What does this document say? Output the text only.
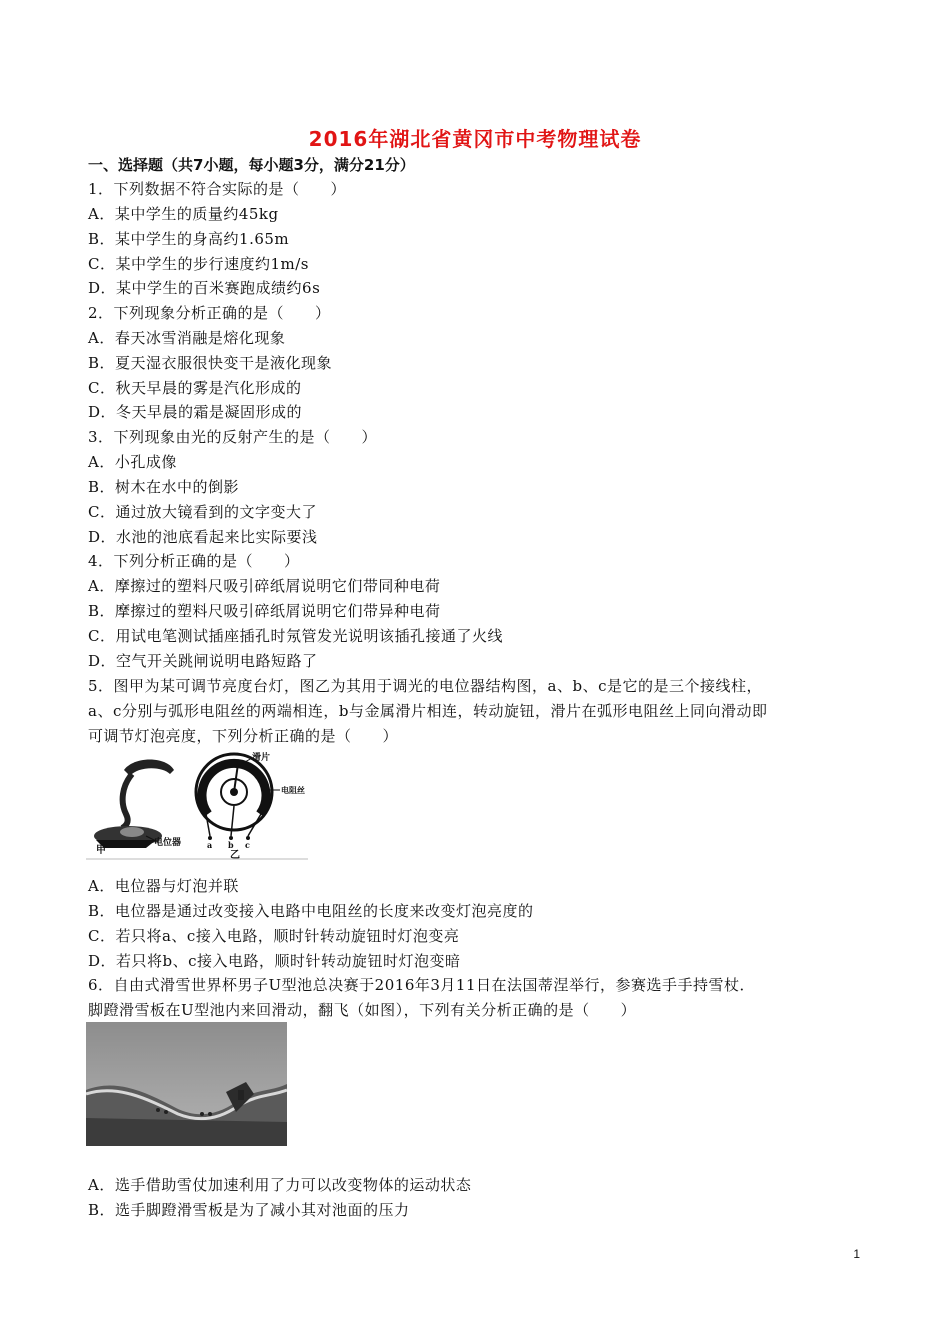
2016年湖北省黄冈市中考物理试卷
一、选择题（共7小题，每小题3分，满分21分）
1．下列数据不符合实际的是（　　）
A．某中学生的质量约45kg
B．某中学生的身高约1.65m
C．某中学生的步行速度约1m/s
D．某中学生的百米赛跑成绩约6s
2．下列现象分析正确的是（　　）
A．春天冰雪消融是熔化现象
B．夏天湿衣服很快变干是液化现象
C．秋天早晨的雾是汽化形成的
D．冬天早晨的霜是凝固形成的
3．下列现象由光的反射产生的是（　　）
A．小孔成像
B．树木在水中的倒影
C．通过放大镜看到的文字变大了
D．水池的池底看起来比实际要浅
4．下列分析正确的是（　　）
A．摩擦过的塑料尺吸引碎纸屑说明它们带同种电荷
B．摩擦过的塑料尺吸引碎纸屑说明它们带异种电荷
C．用试电笔测试插座插孔时氖管发光说明该插孔接通了火线
D．空气开关跳闸说明电路短路了
5．图甲为某可调节亮度台灯，图乙为其用于调光的电位器结构图，a、b、c是它的是三个接线柱，
a、c分别与弧形电阻丝的两端相连，b与金属滑片相连，转动旋钮，滑片在弧形电阻丝上同向滑动即
可调节灯泡亮度，下列分析正确的是（　　）
甲
电位器
滑片
电阻丝
a b c
乙
A．电位器与灯泡并联
B．电位器是通过改变接入电路中电阻丝的长度来改变灯泡亮度的
C．若只将a、c接入电路，顺时针转动旋钮时灯泡变亮
D．若只将b、c接入电路，顺时针转动旋钮时灯泡变暗
6．自由式滑雪世界杯男子U型池总决赛于2016年3月11日在法国蒂涅举行，参赛选手手持雪杖．
脚蹬滑雪板在U型池内来回滑动，翻飞（如图），下列有关分析正确的是（　　）
A．选手借助雪仗加速利用了力可以改变物体的运动状态
B．选手脚蹬滑雪板是为了减小其对池面的压力
1
